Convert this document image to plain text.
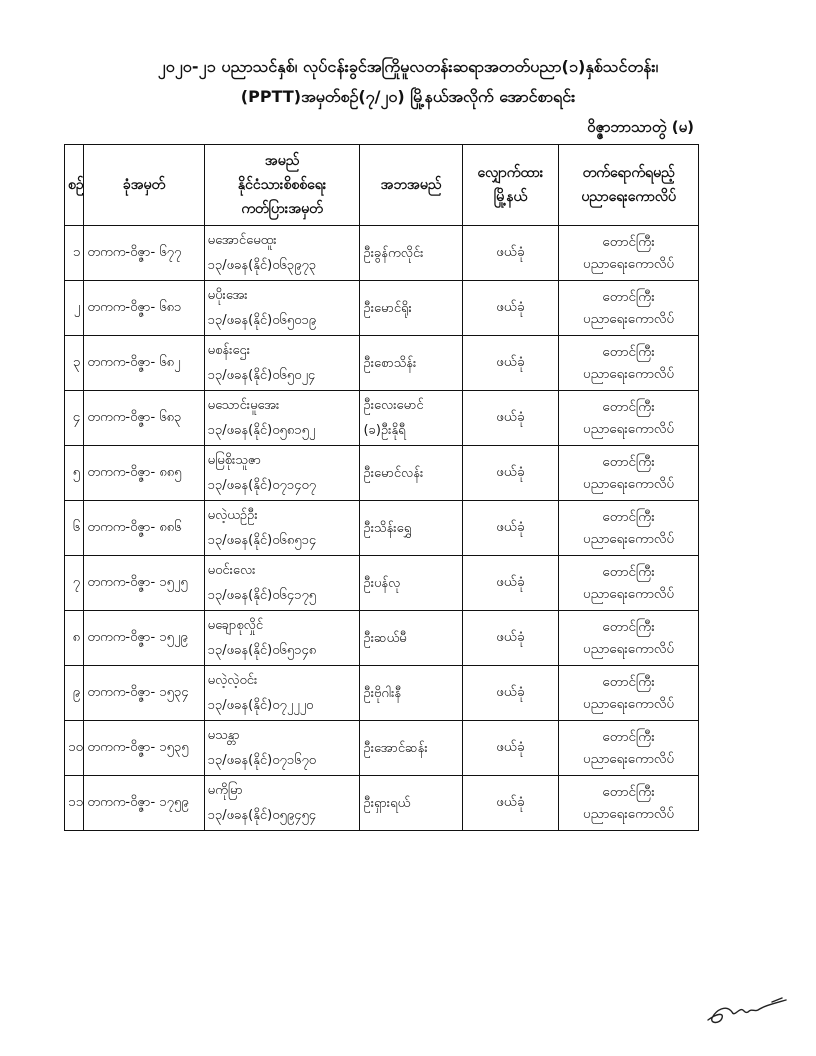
၂၀၂၀-၂၁ ပညာသင်နှစ်၊ လုပ်ငန်းခွင်အကြိုမူလတန်းဆရာအတတ်ပညာ(၁)နှစ်သင်တန်း၊
(PPTT)အမှတ်စဉ်(၇/၂၀) မြို့နယ်အလိုက် အောင်စာရင်း
ဝိဇ္ဇာဘာသာတွဲ (မ)
စဉ်	ခုံအမှတ်	အမည်
နိုင်ငံသားစိစစ်ရေး
ကတ်ပြားအမှတ်	အဘအမည်	လျှောက်ထား
မြို့နယ်	တက်ရောက်ရမည့်
ပညာရေးကောလိပ်

၁	တကက-ဝိဇ္ဇာ- ၆၇၇	မအောင်မေထူး
၁၃/ဖခန(နိုင်)၀၆၃၉၇၃	ဦးခွန်ကလိုင်း	ဖယ်ခုံ	တောင်ကြီး
ပညာရေးကောလိပ်

၂	တကက-ဝိဇ္ဇာ- ၆၈၁	မပိုးအေး
၁၃/ဖခန(နိုင်)၀၆၅၀၁၉	ဦးမောင်ရိုး	ဖယ်ခုံ	တောင်ကြီး
ပညာရေးကောလိပ်

၃	တကက-ဝိဇ္ဇာ- ၆၈၂	မစန်းဌေး
၁၃/ဖခန(နိုင်)၀၆၅၀၂၄	ဦးစောသိန်း	ဖယ်ခုံ	တောင်ကြီး
ပညာရေးကောလိပ်

၄	တကက-ဝိဇ္ဇာ- ၆၈၃	မသောင်းမူအေး
၁၃/ဖခန(နိုင်)၀၅၈၁၅၂	ဦးလေးမောင်
(ခ)ဦးနိုရီ	ဖယ်ခုံ	တောင်ကြီး
ပညာရေးကောလိပ်

၅	တကက-ဝိဇ္ဇာ- ၈၈၅	မမြစိုးသူဇာ
၁၃/ဖခန(နိုင်)၀၇၁၄၀၇	ဦးမောင်လန်း	ဖယ်ခုံ	တောင်ကြီး
ပညာရေးကောလိပ်

၆	တကက-ဝိဇ္ဇာ- ၈၈၆	မလဲ့ယဉ်ဦး
၁၃/ဖခန(နိုင်)၀၆၈၅၁၄	ဦးသိန်းရွှေ	ဖယ်ခုံ	တောင်ကြီး
ပညာရေးကောလိပ်

၇	တကက-ဝိဇ္ဇာ- ၁၅၂၅	မဝင်းလေး
၁၃/ဖခန(နိုင်)၀၆၄၁၇၅	ဦးပန်လု	ဖယ်ခုံ	တောင်ကြီး
ပညာရေးကောလိပ်

၈	တကက-ဝိဇ္ဇာ- ၁၅၂၉	မချောစုလှိုင်
၁၃/ဖခန(နိုင်)၀၆၅၁၄၈	ဦးဆယ်မီ	ဖယ်ခုံ	တောင်ကြီး
ပညာရေးကောလိပ်

၉	တကက-ဝိဇ္ဇာ- ၁၅၃၄	မလဲ့လဲ့ဝင်း
၁၃/ဖခန(နိုင်)၀၇၂၂၂၀	ဦးဗိုဂါးနီ	ဖယ်ခုံ	တောင်ကြီး
ပညာရေးကောလိပ်

၁၀	တကက-ဝိဇ္ဇာ- ၁၅၃၅	မသန္တာ
၁၃/ဖခန(နိုင်)၀၇၁၆၇၀	ဦးအောင်ဆန်း	ဖယ်ခုံ	တောင်ကြီး
ပညာရေးကောလိပ်

၁၁	တကက-ဝိဇ္ဇာ- ၁၇၅၉	မကိုမြာ
၁၃/ဖခန(နိုင်)၀၅၉၄၅၄	ဦးရှားရယ်	ဖယ်ခုံ	တောင်ကြီး
ပညာရေးကောလိပ်
